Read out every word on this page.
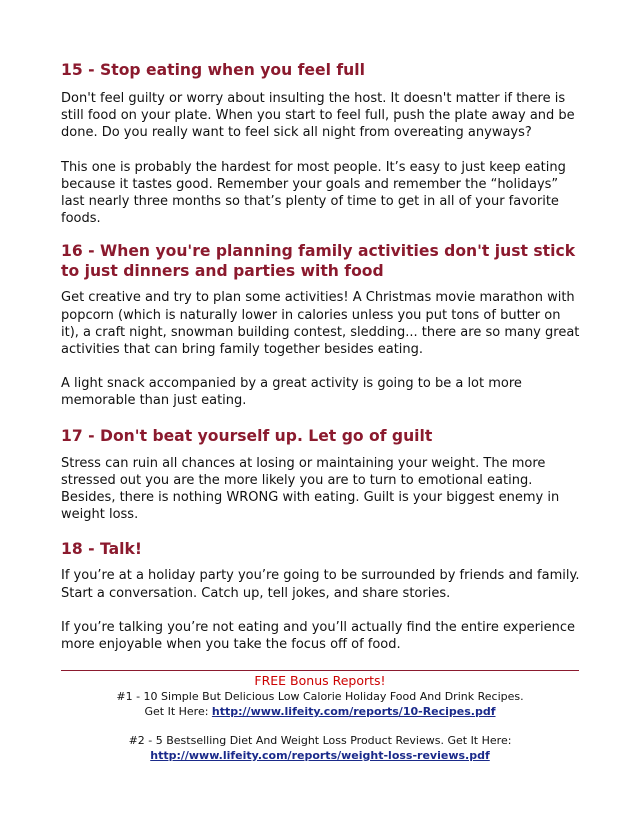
15 - Stop eating when you feel full

Don't feel guilty or worry about insulting the host. It doesn't matter if there is still food on your plate. When you start to feel full, push the plate away and be done. Do you really want to feel sick all night from overeating anyways?

This one is probably the hardest for most people. It’s easy to just keep eating because it tastes good. Remember your goals and remember the “holidays” last nearly three months so that’s plenty of time to get in all of your favorite foods.

16 - When you're planning family activities don't just stick to just dinners and parties with food

Get creative and try to plan some activities! A Christmas movie marathon with popcorn (which is naturally lower in calories unless you put tons of butter on it), a craft night, snowman building contest, sledding... there are so many great activities that can bring family together besides eating.

A light snack accompanied by a great activity is going to be a lot more memorable than just eating.

17 - Don't beat yourself up. Let go of guilt

Stress can ruin all chances at losing or maintaining your weight. The more stressed out you are the more likely you are to turn to emotional eating. Besides, there is nothing WRONG with eating. Guilt is your biggest enemy in weight loss.

18 - Talk!

If you’re at a holiday party you’re going to be surrounded by friends and family. Start a conversation. Catch up, tell jokes, and share stories.

If you’re talking you’re not eating and you’ll actually find the entire experience more enjoyable when you take the focus off of food.

FREE Bonus Reports!
#1 - 10 Simple But Delicious Low Calorie Holiday Food And Drink Recipes.
Get It Here: http://www.lifeity.com/reports/10-Recipes.pdf
#2 - 5 Bestselling Diet And Weight Loss Product Reviews. Get It Here:
http://www.lifeity.com/reports/weight-loss-reviews.pdf
